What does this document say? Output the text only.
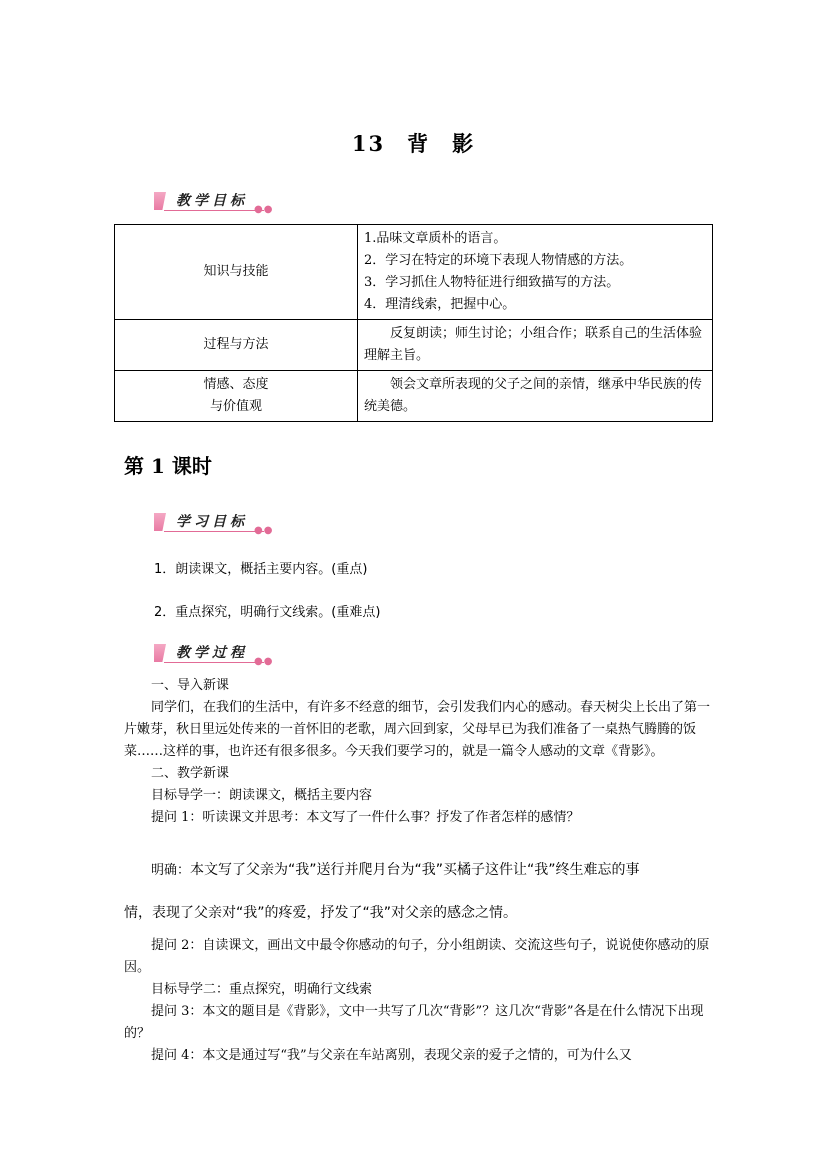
13 背 影
教学目标
●●
知识与技能	1.品味文章质朴的语言。
2．学习在特定的环境下表现人物情感的方法。
3．学习抓住人物特征进行细致描写的方法。
4．理清线索，把握中心。

过程与方法	反复朗读；师生讨论；小组合作；联系自己的生活体验理解主旨。

情感、态度
与价值观	领会文章所表现的父子之间的亲情，继承中华民族的传统美德。
第 1 课时
学习目标
●●
1．朗读课文，概括主要内容。(重点)
2．重点探究，明确行文线索。(重难点)
教学过程
●●

一、导入新课

同学们，在我们的生活中，有许多不经意的细节，会引发我们内心的感动。春天树尖上长出了第一片嫩芽，秋日里远处传来的一首怀旧的老歌，周六回到家，父母早已为我们准备了一桌热气腾腾的饭菜……这样的事，也许还有很多很多。今天我们要学习的，就是一篇令人感动的文章《背影》。

二、教学新课

目标导学一：朗读课文，概括主要内容

提问 1：听读课文并思考：本文写了一件什么事？抒发了作者怎样的感情？

明确：本文写了父亲为“我”送行并爬月台为“我”买橘子这件让“我”终生难忘的事

情，表现了父亲对“我”的疼爱，抒发了“我”对父亲的感念之情。

提问 2：自读课文，画出文中最令你感动的句子，分小组朗读、交流这些句子，说说使你感动的原因。

目标导学二：重点探究，明确行文线索

提问 3：本文的题目是《背影》，文中一共写了几次“背影”？这几次“背影”各是在什么情况下出现的？

提问 4：本文是通过写“我”与父亲在车站离别，表现父亲的爱子之情的，可为什么又
